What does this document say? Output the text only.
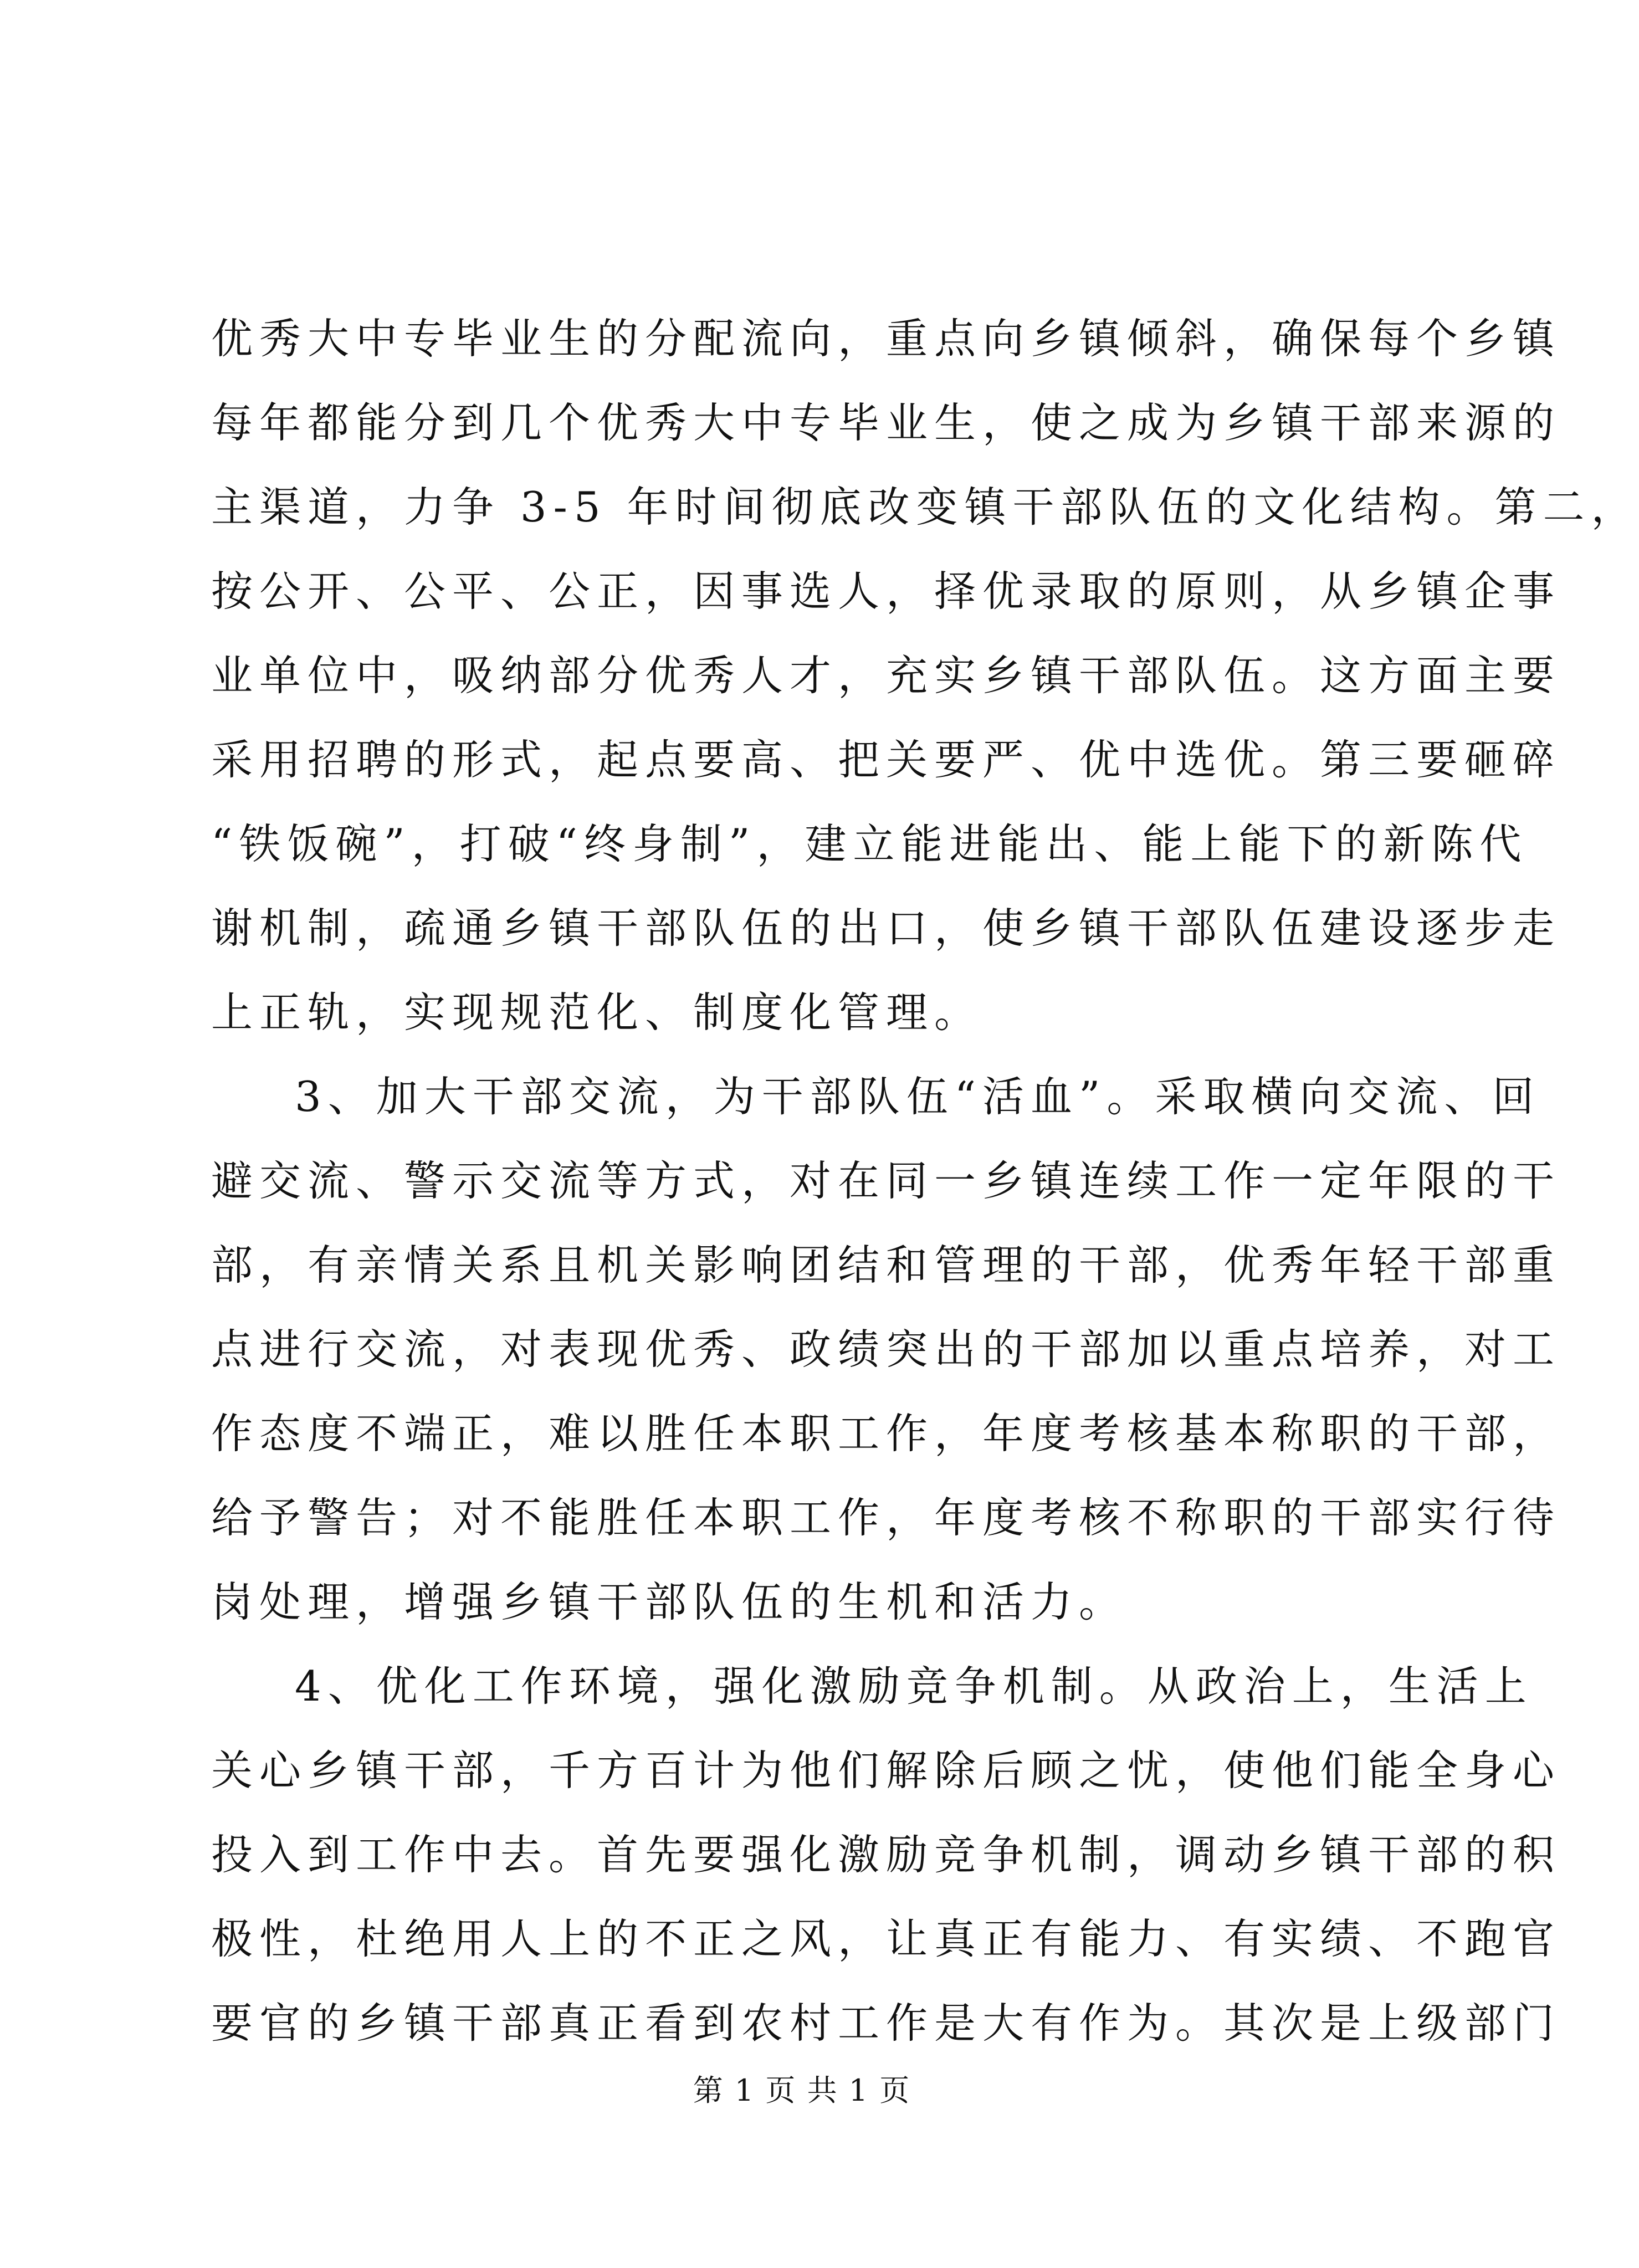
优秀大中专毕业生的分配流向，重点向乡镇倾斜，确保每个乡镇
每年都能分到几个优秀大中专毕业生，使之成为乡镇干部来源的
主渠道，力争 3-5 年时间彻底改变镇干部队伍的文化结构。第二，
按公开、公平、公正，因事选人，择优录取的原则，从乡镇企事
业单位中，吸纳部分优秀人才，充实乡镇干部队伍。这方面主要
采用招聘的形式，起点要高、把关要严、优中选优。第三要砸碎
“铁饭碗”，打破“终身制”，建立能进能出、能上能下的新陈代
谢机制，疏通乡镇干部队伍的出口，使乡镇干部队伍建设逐步走
上正轨，实现规范化、制度化管理。
3、加大干部交流，为干部队伍“活血”。采取横向交流、回
避交流、警示交流等方式，对在同一乡镇连续工作一定年限的干
部，有亲情关系且机关影响团结和管理的干部，优秀年轻干部重
点进行交流，对表现优秀、政绩突出的干部加以重点培养，对工
作态度不端正，难以胜任本职工作，年度考核基本称职的干部，
给予警告；对不能胜任本职工作，年度考核不称职的干部实行待
岗处理，增强乡镇干部队伍的生机和活力。
4、优化工作环境，强化激励竞争机制。从政治上，生活上
关心乡镇干部，千方百计为他们解除后顾之忧，使他们能全身心
投入到工作中去。首先要强化激励竞争机制，调动乡镇干部的积
极性，杜绝用人上的不正之风，让真正有能力、有实绩、不跑官
要官的乡镇干部真正看到农村工作是大有作为。其次是上级部门
第 1 页 共 1 页
